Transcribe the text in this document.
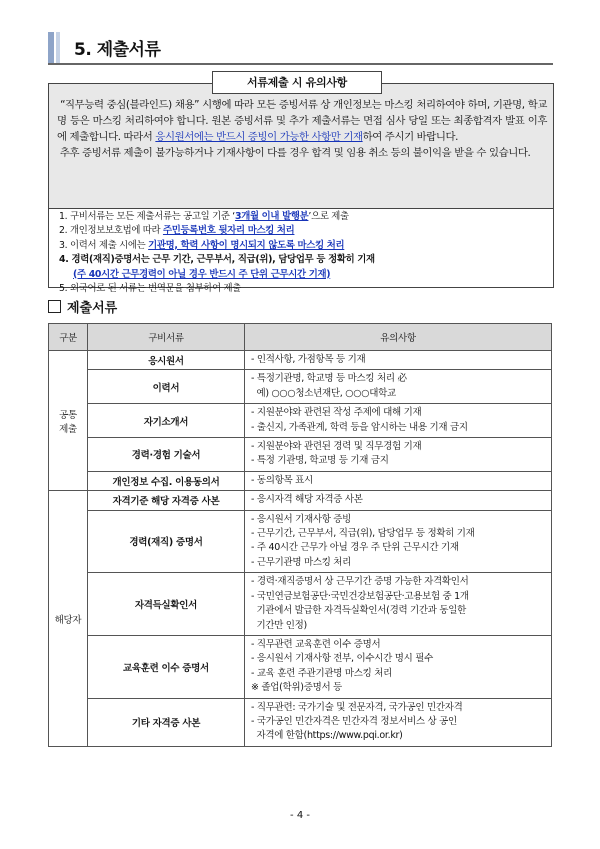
5. 제출서류
서류제출 시 유의사항
“직무능력 중심(블라인드) 채용” 시행에 따라 모든 증빙서류 상 개인정보는 마스킹 처리하여야 하며, 기관명, 학교명 등은 마스킹 처리하여야 합니다. 원본 증빙서류 및 추가 제출서류는 면접 심사 당일 또는 최종합격자 발표 이후에 제출합니다. 따라서 응시원서에는 반드시 증빙이 가능한 사항만 기재하여 주시기 바랍니다.
추후 증빙서류 제출이 불가능하거나 기재사항이 다를 경우 합격 및 임용 취소 등의 불이익을 받을 수 있습니다.
1. 구비서류는 모든 제출서류는 공고일 기준 ‘3개월 이내 발행분’으로 제출
2. 개인정보보호법에 따라 주민등록번호 뒷자리 마스킹 처리
3. 이력서 제출 시에는 기관명, 학력 사항이 명시되지 않도록 마스킹 처리
4. 경력(재직)증명서는 근무 기간, 근무부서, 직급(위), 담당업무 등 정확히 기재
(주 40시간 근무경력이 아닐 경우 반드시 주 단위 근무시간 기재)
5. 외국어로 된 서류는 번역문을 첨부하여 제출
제출서류
구분	구비서류	유의사항
공통
제출	응시원서	- 인적사항, 가점항목 등 기재

	이력서	- 특정기관명, 학교명 등 마스킹 처리 必
예) ○○○청소년재단, ○○○대학교

	자기소개서	- 지원분야와 관련된 작성 주제에 대해 기재
- 출신지, 가족관계, 학력 등을 암시하는 내용 기재 금지

	경력·경험 기술서	- 지원분야와 관련된 경력 및 직무경험 기재
- 특정 기관명, 학교명 등 기재 금지

	개인정보 수집. 이용동의서	- 동의항목 표시

해당자	자격기준 해당 자격증 사본	- 응시자격 해당 자격증 사본

	경력(재직) 증명서	- 응시원서 기재사항 증빙
- 근무기간, 근무부서, 직급(위), 담당업무 등 정확히 기재
- 주 40시간 근무가 아닐 경우 주 단위 근무시간 기재
- 근무기관명 마스킹 처리

	자격득실확인서	- 경력·재직증명서 상 근무기간 증명 가능한 자격확인서
- 국민연금보험공단·국민건강보험공단·고용보험 중 1개
기관에서 발급한 자격득실확인서(경력 기간과 동일한
기간만 인정)

	교육훈련 이수 증명서	- 직무관련 교육훈련 이수 증명서
- 응시원서 기재사항 전부, 이수시간 명시 필수
- 교육 훈련 주관기관명 마스킹 처리
※ 졸업(학위)증명서 등

	기타 자격증 사본	- 직무관련: 국가기술 및 전문자격, 국가공인 민간자격
- 국가공인 민간자격은 민간자격 정보서비스 상 공인
자격에 한함(https://www.pqi.or.kr)
- 4 -
